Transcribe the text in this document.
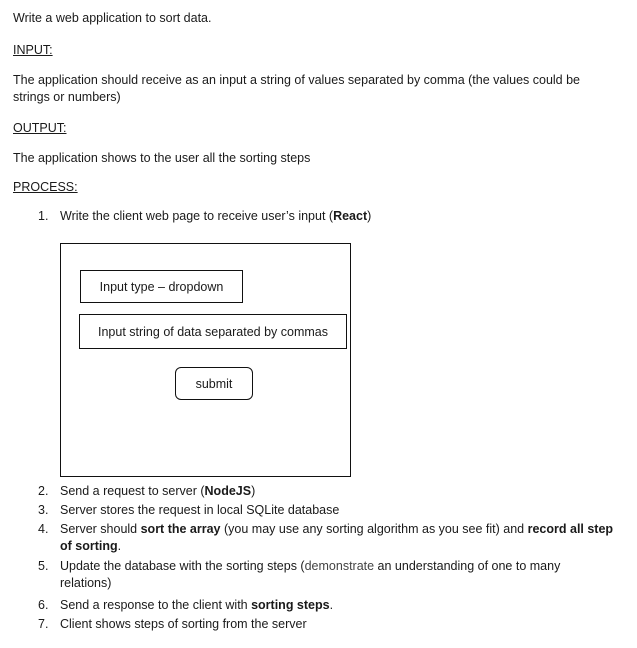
Write a web application to sort data.
INPUT:
The application should receive as an input a string of values separated by comma (the values could be strings or numbers)
OUTPUT:
The application shows to the user all the sorting steps
PROCESS:
1. Write the client web page to receive user’s input (React)
Input type – dropdown
Input string of data separated by commas
submit
2. Send a request to server (NodeJS)
3. Server stores the request in local SQLite database
4. Server should sort the array (you may use any sorting algorithm as you see fit) and record all step of sorting.
5. Update the database with the sorting steps (demonstrate an understanding of one to many relations)
6. Send a response to the client with sorting steps.
7. Client shows steps of sorting from the server
